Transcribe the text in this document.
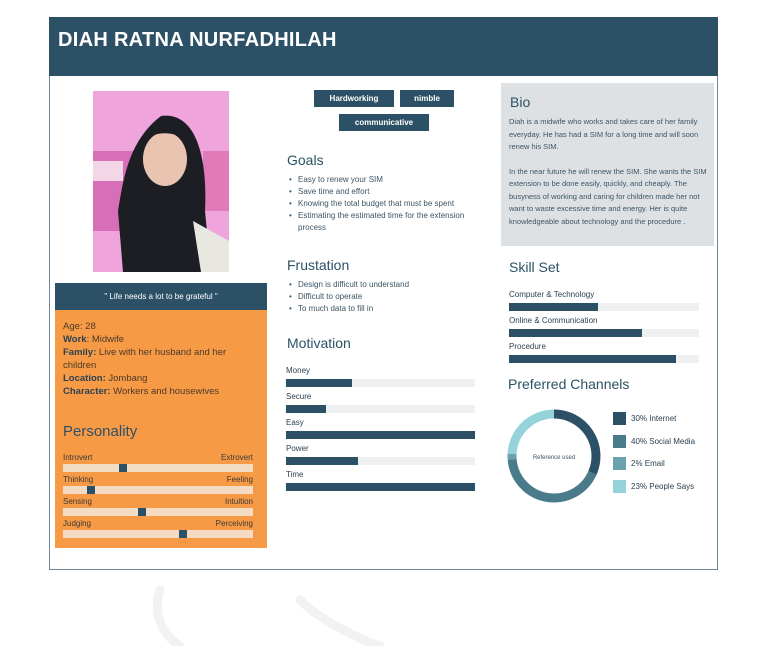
DIAH RATNA NURFADHILAH
" Life needs a lot to be grateful "
Age: 28
Work: Midwife
Family: Live with her husband and her children
Location: Jombang
Character: Workers and housewives
Personality
Introvert	Extrovert
Thinking	Feeling
Sensing	Intuition
Judging	Perceiving
Hardworking	nimble
communicative
Goals
• Easy to renew your SIM
• Save time and effort
• Knowing the total budget that must be spent
• Estimating the estimated time for the extension process
Frustation
• Design is difficult to understand
• Difficult to operate
• To much data to fill in
Motivation
Money
Secure
Easy
Power
Time
Bio
Diah is a midwife who works and takes care of her family everyday. He has had a SIM for a long time and will soon renew his SIM.
In the near future he will renew the SIM. She wants the SIM extension to be done easily, quickly, and cheaply. The busyness of working and caring for children made her not want to waste excessive time and energy. Her is quite knowledgeable about technology and the procedure .
Skill Set
Computer & Technology
Online & Communication
Procedure
Preferred Channels
Reference used
30% Internet
40% Social Media
2% Email
23% People Says
